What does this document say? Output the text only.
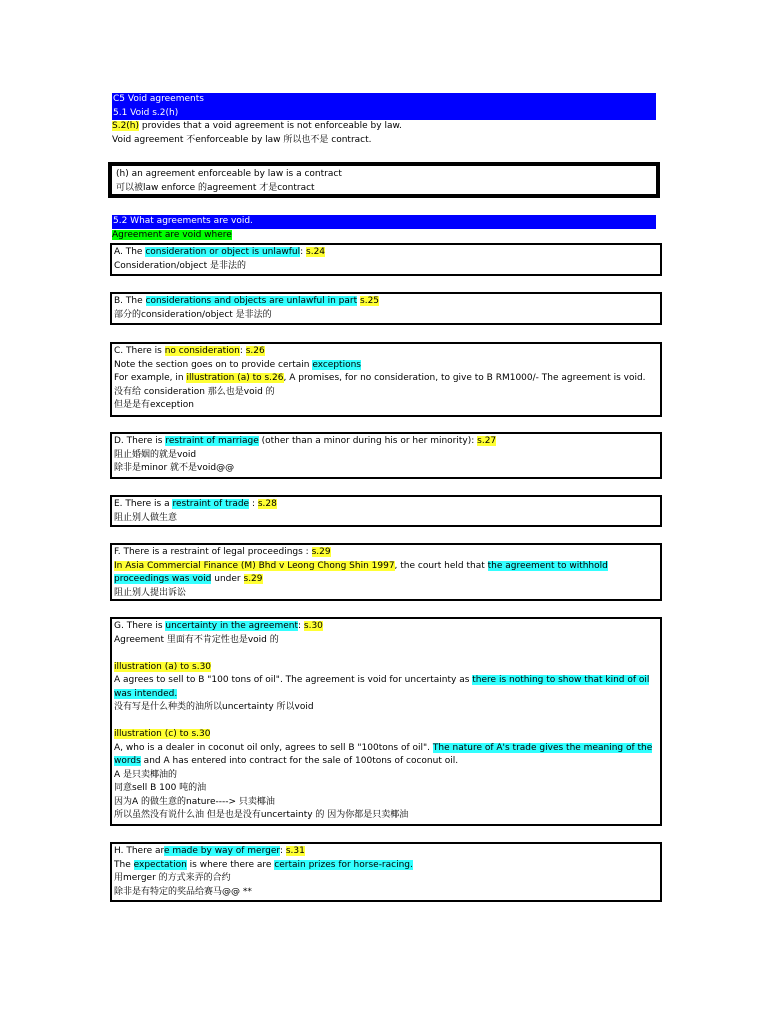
C5 Void agreements
5.1 Void s.2(h)
S.2(h) provides that a void agreement is not enforceable by law.
Void agreement 不enforceable by law 所以也不是 contract.
(h) an agreement enforceable by law is a contract
可以被law enforce 的agreement 才是contract
5.2 What agreements are void.
Agreement are void where
A. The consideration or object is unlawful: s.24
Consideration/object 是非法的
B. The considerations and objects are unlawful in part s.25
部分的consideration/object 是非法的
C. There is no consideration: s.26
Note the section goes on to provide certain exceptions
For example, in illustration (a) to s.26, A promises, for no consideration, to give to B RM1000/- The agreement is void.
没有给 consideration 那么也是void 的
但是是有exception
D. There is restraint of marriage (other than a minor during his or her minority): s.27
阻止婚姻的就是void
除非是minor 就不是void@@
E. There is a restraint of trade : s.28
阻止别人做生意
F. There is a restraint of legal proceedings : s.29
In Asia Commercial Finance (M) Bhd v Leong Chong Shin 1997, the court held that the agreement to withhold proceedings was void under s.29
阻止别人提出诉讼
G. There is uncertainty in the agreement: s.30
Agreement 里面有不肯定性也是void 的

illustration (a) to s.30
A agrees to sell to B "100 tons of oil". The agreement is void for uncertainty as there is nothing to show that kind of oil was intended.
没有写是什么种类的油所以uncertainty 所以void

illustration (c) to s.30
A, who is a dealer in coconut oil only, agrees to sell B "100tons of oil". The nature of A's trade gives the meaning of the words and A has entered into contract for the sale of 100tons of coconut oil.
A 是只卖椰油的
同意sell B 100 吨的油
因为A 的做生意的nature----> 只卖椰油
所以虽然没有说什么油 但是也是没有uncertainty 的 因为你都是只卖椰油
H. There are made by way of merger: s.31
The expectation is where there are certain prizes for horse-racing.
用merger 的方式来弄的合约
除非是有特定的奖品给赛马@@ **
